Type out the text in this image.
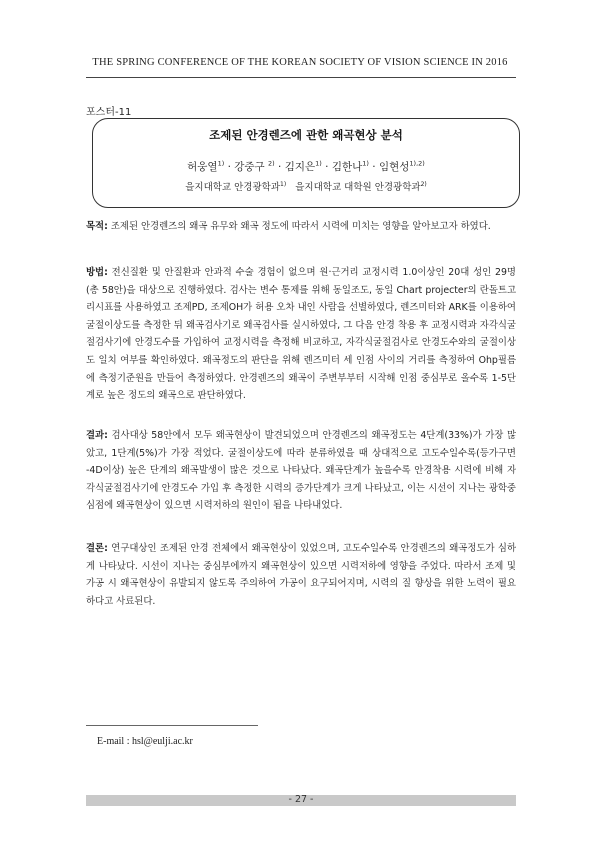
THE SPRING CONFERENCE OF THE KOREAN SOCIETY OF VISION SCIENCE IN 2016
포스터-11
조제된 안경렌즈에 관한 왜곡현상 분석
허웅열$^{1)}$ · 강중구 $^{2)}$ · 김지은$^{1)}$ · 김한나$^{1)}$ · 임현성$^{1),2)}$
을지대학교 안경광학과$^{1)}$ 을지대학교 대학원 안경광학과$^{2)}$
목적: 조제된 안경렌즈의 왜곡 유무와 왜곡 정도에 따라서 시력에 미치는 영향을 알아보고자 하였다.
방법: 전신질환 및 안질환과 안과적 수술 경험이 없으며 원·근거리 교정시력 1.0이상인 20대 성인 29명(총 58안)을 대상으로 진행하였다. 검사는 변수 통제를 위해 동일조도, 동일 Chart projecter의 란돌트고리시표를 사용하였고 조제PD, 조제OH가 허용 오차 내인 사람을 선별하였다, 렌즈미터와 ARK를 이용하여 굴절이상도를 측정한 뒤 왜곡검사기로 왜곡검사를 실시하였다, 그 다음 안경 착용 후 교정시력과 자각식굴절검사기에 안경도수를 가입하여 교정시력을 측정해 비교하고, 자각식굴절검사로 안경도수와의 굴절이상도 일치 여부를 확인하였다. 왜곡정도의 판단을 위해 렌즈미터 세 인점 사이의 거리를 측정하여 Ohp필름에 측정기준원을 만들어 측정하였다. 안경렌즈의 왜곡이 주변부부터 시작해 인점 중심부로 올수록 1-5단계로 높은 정도의 왜곡으로 판단하였다.
결과: 검사대상 58안에서 모두 왜곡현상이 발견되었으며 안경렌즈의 왜곡정도는 4단계(33%)가 가장 많았고, 1단계(5%)가 가장 적었다. 굴절이상도에 따라 분류하였을 때 상대적으로 고도수일수록(등가구면 -4D이상) 높은 단계의 왜곡발생이 많은 것으로 나타났다. 왜곡단계가 높을수록 안경착용 시력에 비해 자각식굴절검사기에 안경도수 가입 후 측정한 시력의 증가단계가 크게 나타났고, 이는 시선이 지나는 광학중심점에 왜곡현상이 있으면 시력저하의 원인이 됨을 나타내었다.
결론: 연구대상인 조제된 안경 전체에서 왜곡현상이 있었으며, 고도수일수록 안경렌즈의 왜곡정도가 심하게 나타났다. 시선이 지나는 중심부에까지 왜곡현상이 있으면 시력저하에 영향을 주었다. 따라서 조제 및 가공 시 왜곡현상이 유발되지 않도록 주의하여 가공이 요구되어지며, 시력의 질 향상을 위한 노력이 필요하다고 사료된다.
E-mail : hsl@eulji.ac.kr
- 27 -
